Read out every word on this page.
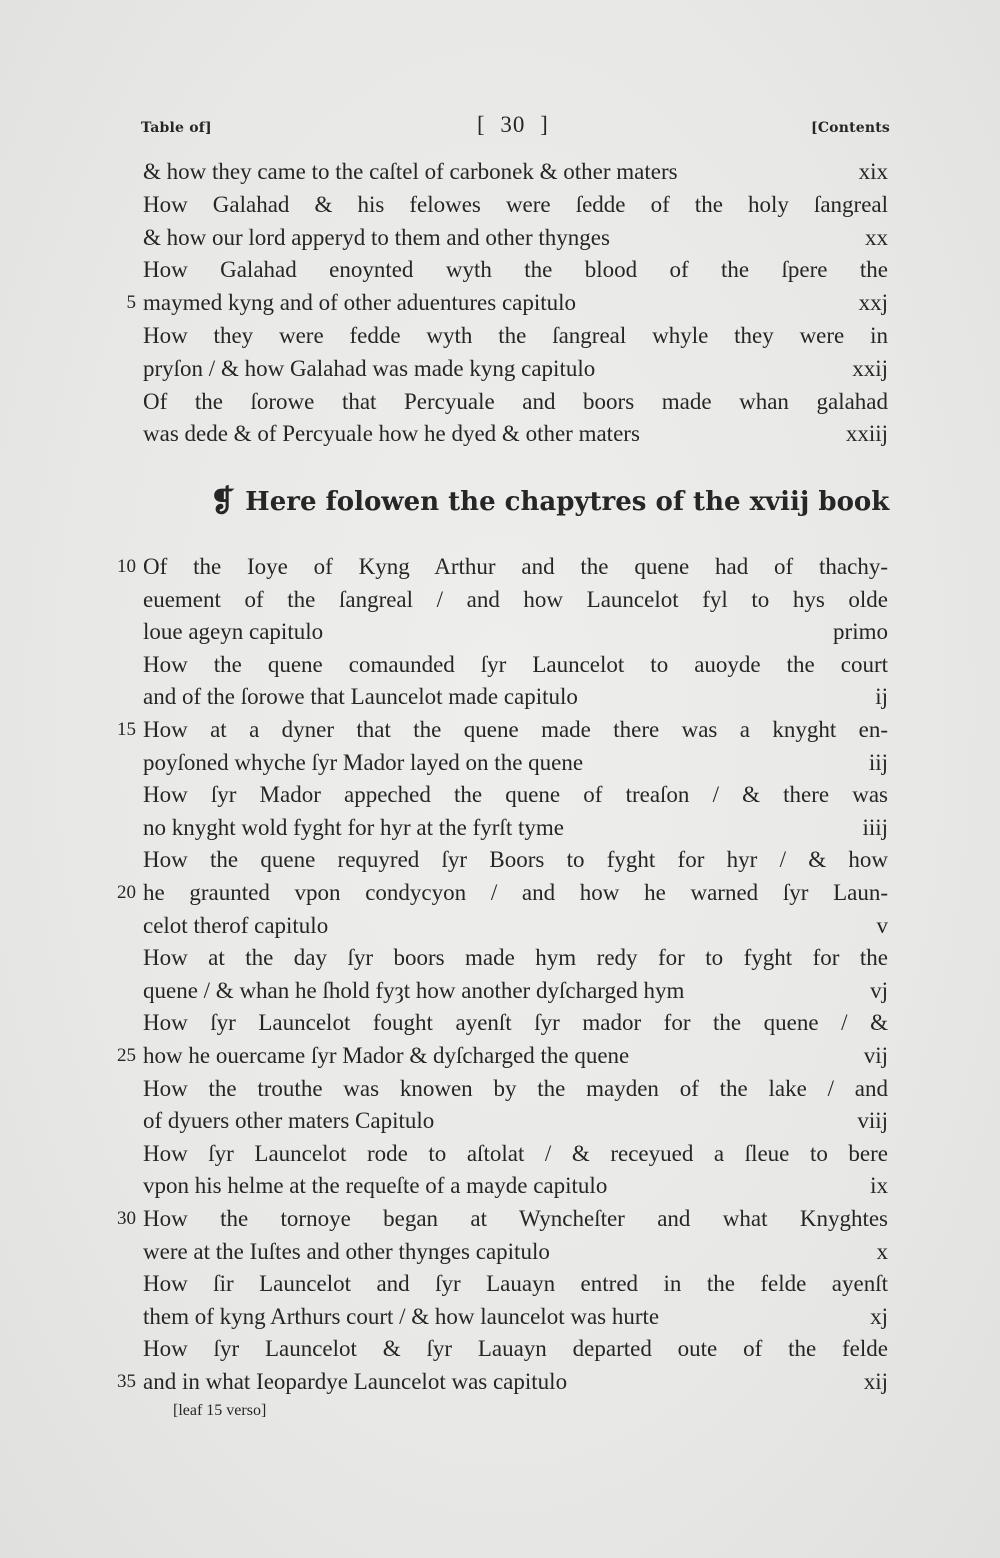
Table of]	[ 30 ]	[Contents
& how they came to the caſtel of carbonek & other maters	xix
How Galahad & his felowes were ſedde of the holy ſangreal
& how our lord apperyd to them and other thynges	xx
How Galahad enoynted wyth the blood of the ſpere the
5 maymed kyng and of other aduentures capitulo	xxj
How they were fedde wyth the ſangreal whyle they were in
pryſon / & how Galahad was made kyng capitulo	xxij
Of the ſorowe that Percyuale and boors made whan galahad
was dede & of Percyuale how he dyed & other maters	xxiij
❡ Here folowen the chapytres of the xviij book
10 Of the Ioye of Kyng Arthur and the quene had of thachy-
euement of the ſangreal / and how Launcelot fyl to hys olde
loue ageyn capitulo	primo
How the quene comaunded ſyr Launcelot to auoyde the court
and of the ſorowe that Launcelot made capitulo	ij
15 How at a dyner that the quene made there was a knyght en-
poyſoned whyche ſyr Mador layed on the quene	iij
How ſyr Mador appeched the quene of treaſon / & there was
no knyght wold fyght for hyr at the fyrſt tyme	iiij
How the quene requyred ſyr Boors to fyght for hyr / & how
20 he graunted vpon condycyon / and how he warned ſyr Laun-
celot therof capitulo	v
How at the day ſyr boors made hym redy for to fyght for the
quene / & whan he ſhold fyȝt how another dyſcharged hym	vj
How ſyr Launcelot fought ayenſt ſyr mador for the quene / &
25 how he ouercame ſyr Mador & dyſcharged the quene	vij
How the trouthe was knowen by the mayden of the lake / and
of dyuers other maters Capitulo	viij
How ſyr Launcelot rode to aſtolat / & receyued a ſleue to bere
vpon his helme at the requeſte of a mayde capitulo	ix
30 How the tornoye began at Wyncheſter and what Knyghtes
were at the Iuſtes and other thynges capitulo	x
How ſir Launcelot and ſyr Lauayn entred in the felde ayenſt
them of kyng Arthurs court / & how launcelot was hurte	xj
How ſyr Launcelot & ſyr Lauayn departed oute of the felde
35 and in what Ieopardye Launcelot was capitulo	xij
[leaf 15 verso]
